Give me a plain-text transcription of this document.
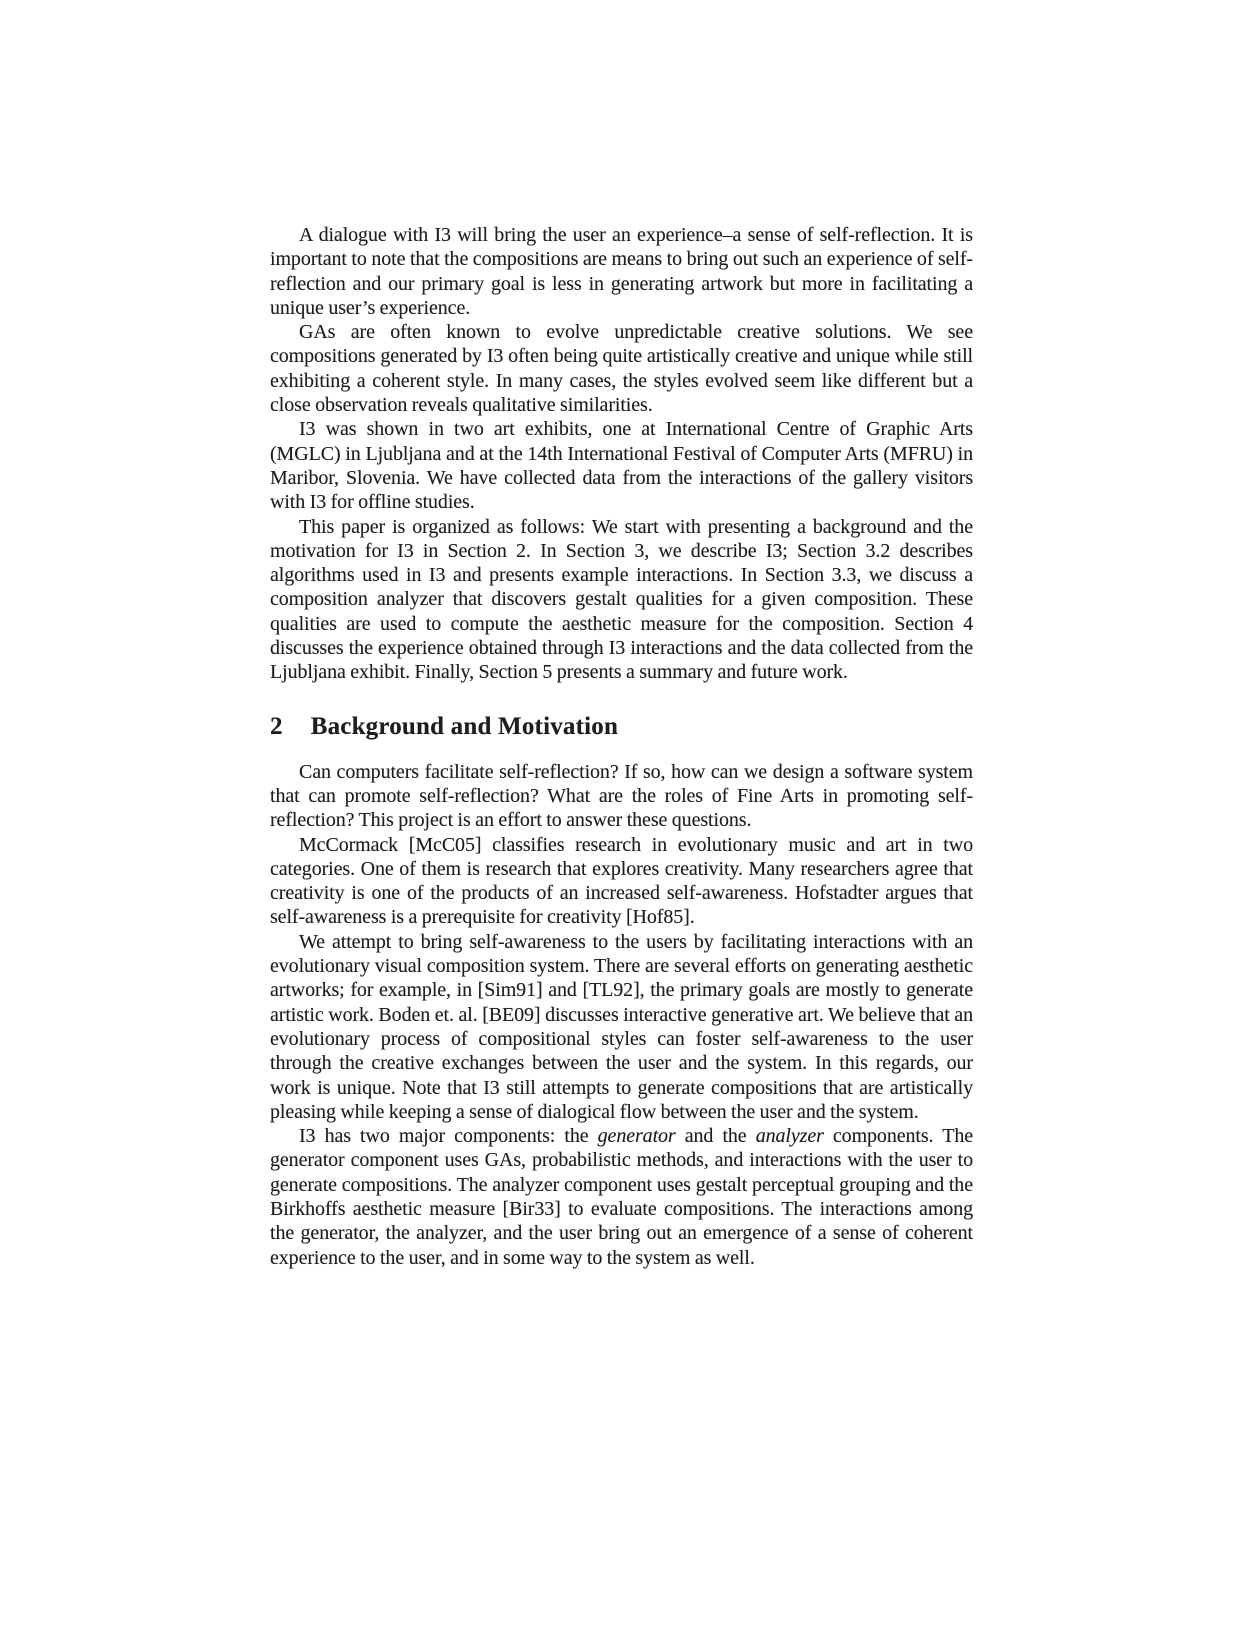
A dialogue with I3 will bring the user an experience–a sense of self-reflection. It is important to note that the compositions are means to bring out such an experience of self-reflection and our primary goal is less in generating artwork but more in facilitating a unique user’s experience.

GAs are often known to evolve unpredictable creative solutions. We see compositions generated by I3 often being quite artistically creative and unique while still exhibiting a coherent style. In many cases, the styles evolved seem like different but a close observation reveals qualitative similarities.

I3 was shown in two art exhibits, one at International Centre of Graphic Arts (MGLC) in Ljubljana and at the 14th International Festival of Computer Arts (MFRU) in Maribor, Slovenia. We have collected data from the interactions of the gallery visitors with I3 for offline studies.

This paper is organized as follows: We start with presenting a background and the motivation for I3 in Section 2. In Section 3, we describe I3; Section 3.2 describes algorithms used in I3 and presents example interactions. In Section 3.3, we discuss a composition analyzer that discovers gestalt qualities for a given composition. These qualities are used to compute the aesthetic measure for the composition. Section 4 discusses the experience obtained through I3 interactions and the data collected from the Ljubljana exhibit. Finally, Section 5 presents a summary and future work.

2 Background and Motivation

Can computers facilitate self-reflection? If so, how can we design a software system that can promote self-reflection? What are the roles of Fine Arts in promoting self-reflection? This project is an effort to answer these questions.

McCormack [McC05] classifies research in evolutionary music and art in two categories. One of them is research that explores creativity. Many researchers agree that creativity is one of the products of an increased self-awareness. Hofstadter argues that self-awareness is a prerequisite for creativity [Hof85].

We attempt to bring self-awareness to the users by facilitating interactions with an evolutionary visual composition system. There are several efforts on generating aesthetic artworks; for example, in [Sim91] and [TL92], the primary goals are mostly to generate artistic work. Boden et. al. [BE09] discusses interactive generative art. We believe that an evolutionary process of compositional styles can foster self-awareness to the user through the creative exchanges between the user and the system. In this regards, our work is unique. Note that I3 still attempts to generate compositions that are artistically pleasing while keeping a sense of dialogical flow between the user and the system.

I3 has two major components: the generator and the analyzer components. The generator component uses GAs, probabilistic methods, and interactions with the user to generate compositions. The analyzer component uses gestalt perceptual grouping and the Birkhoffs aesthetic measure [Bir33] to evaluate compositions. The interactions among the generator, the analyzer, and the user bring out an emergence of a sense of coherent experience to the user, and in some way to the system as well.
